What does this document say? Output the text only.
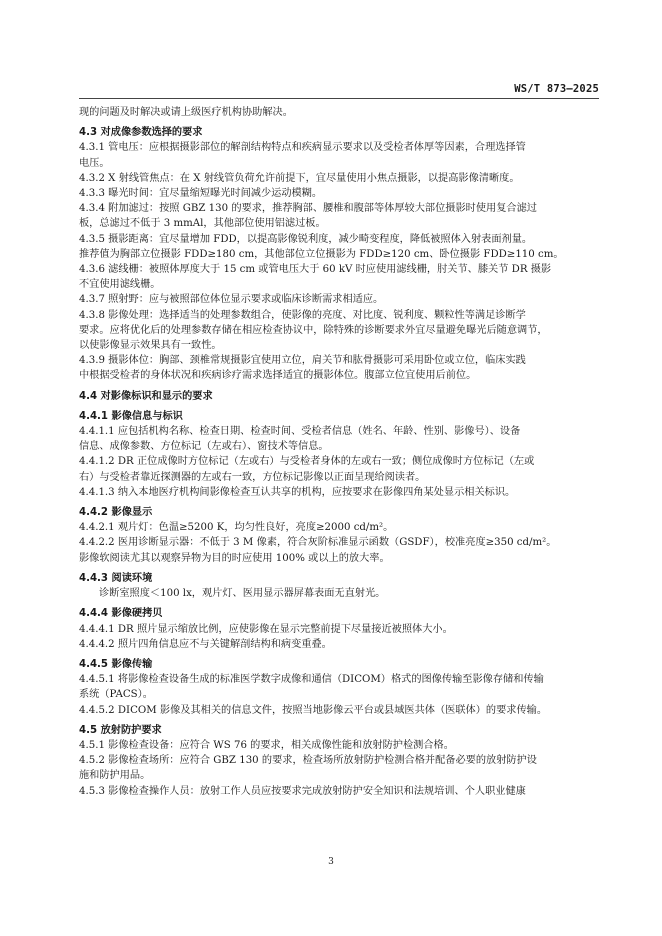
WS/T 873—2025
现的问题及时解决或请上级医疗机构协助解决。
4.3 对成像参数选择的要求
4.3.1 管电压：应根据摄影部位的解剖结构特点和疾病显示要求以及受检者体厚等因素，合理选择管
电压。
4.3.2 X 射线管焦点：在 X 射线管负荷允许前提下，宜尽量使用小焦点摄影，以提高影像清晰度。
4.3.3 曝光时间：宜尽量缩短曝光时间减少运动模糊。
4.3.4 附加滤过：按照 GBZ 130 的要求，推荐胸部、腰椎和腹部等体厚较大部位摄影时使用复合滤过
板，总滤过不低于 3 mmAl，其他部位使用铝滤过板。
4.3.5 摄影距离：宜尽量增加 FDD，以提高影像锐利度，减少畸变程度，降低被照体入射表面剂量。
推荐值为胸部立位摄影 FDD≥180 cm，其他部位立位摄影为 FDD≥120 cm、卧位摄影 FDD≥110 cm。
4.3.6 滤线栅：被照体厚度大于 15 cm 或管电压大于 60 kV 时应使用滤线栅，肘关节、膝关节 DR 摄影
不宜使用滤线栅。
4.3.7 照射野：应与被照部位体位显示要求或临床诊断需求相适应。
4.3.8 影像处理：选择适当的处理参数组合，使影像的亮度、对比度、锐利度、颗粒性等满足诊断学
要求。应将优化后的处理参数存储在相应检查协议中，除特殊的诊断要求外宜尽量避免曝光后随意调节，
以使影像显示效果具有一致性。
4.3.9 摄影体位：胸部、颈椎常规摄影宜使用立位，肩关节和肱骨摄影可采用卧位或立位，临床实践
中根据受检者的身体状况和疾病诊疗需求选择适宜的摄影体位。腹部立位宜使用后前位。
4.4 对影像标识和显示的要求
4.4.1 影像信息与标识
4.4.1.1 应包括机构名称、检查日期、检查时间、受检者信息（姓名、年龄、性别、影像号）、设备
信息、成像参数、方位标记（左或右）、窗技术等信息。
4.4.1.2 DR 正位成像时方位标记（左或右）与受检者身体的左或右一致；侧位成像时方位标记（左或
右）与受检者靠近探测器的左或右一致，方位标记影像以正面呈现给阅读者。
4.4.1.3 纳入本地医疗机构间影像检查互认共享的机构，应按要求在影像四角某处显示相关标识。
4.4.2 影像显示
4.4.2.1 观片灯：色温≥5200 K，均匀性良好，亮度≥2000 cd/m²。
4.4.2.2 医用诊断显示器：不低于 3 M 像素，符合灰阶标准显示函数（GSDF），校准亮度≥350 cd/m²。
影像软阅读尤其以观察异物为目的时应使用 100% 或以上的放大率。
4.4.3 阅读环境
诊断室照度＜100 lx，观片灯、医用显示器屏幕表面无直射光。
4.4.4 影像硬拷贝
4.4.4.1 DR 照片显示缩放比例，应使影像在显示完整前提下尽量接近被照体大小。
4.4.4.2 照片四角信息应不与关键解剖结构和病变重叠。
4.4.5 影像传输
4.4.5.1 将影像检查设备生成的标准医学数字成像和通信（DICOM）格式的图像传输至影像存储和传输
系统（PACS）。
4.4.5.2 DICOM 影像及其相关的信息文件，按照当地影像云平台或县域医共体（医联体）的要求传输。
4.5 放射防护要求
4.5.1 影像检查设备：应符合 WS 76 的要求，相关成像性能和放射防护检测合格。
4.5.2 影像检查场所：应符合 GBZ 130 的要求，检查场所放射防护检测合格并配备必要的放射防护设
施和防护用品。
4.5.3 影像检查操作人员：放射工作人员应按要求完成放射防护安全知识和法规培训、个人职业健康
3
